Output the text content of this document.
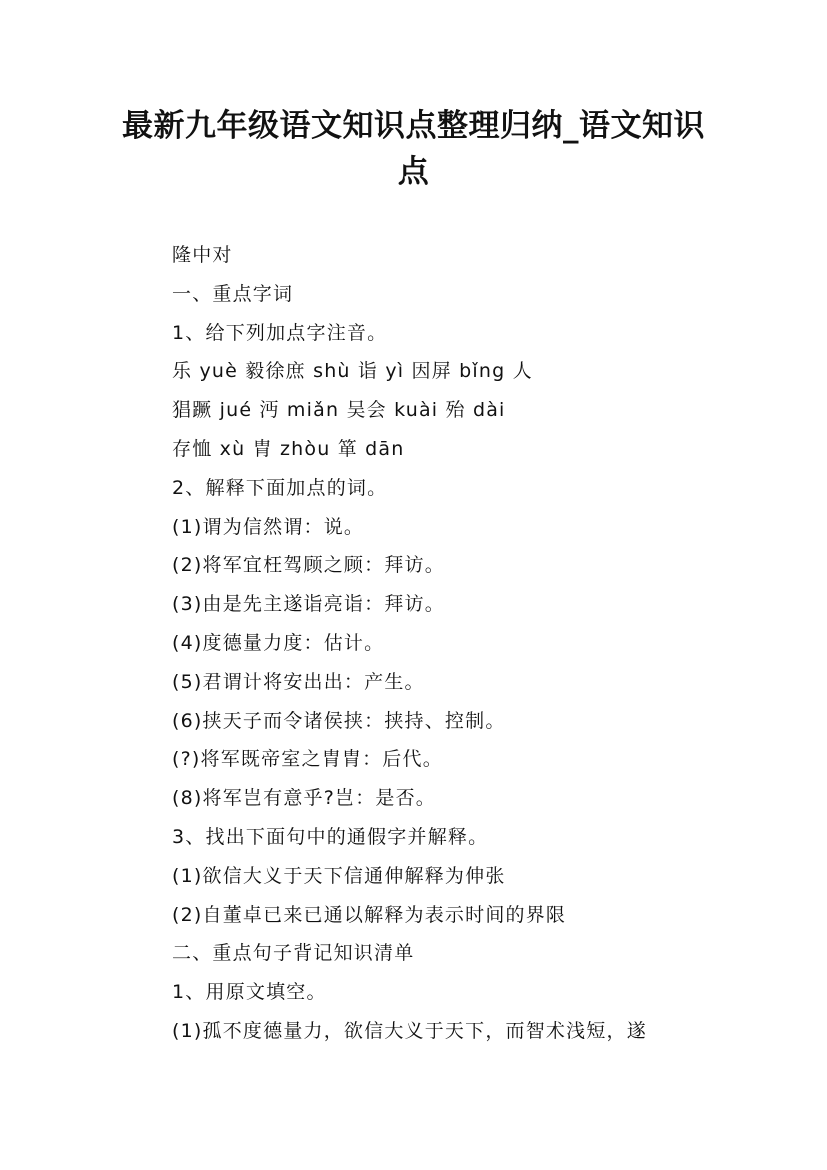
最新九年级语文知识点整理归纳_语文知识点
隆中对
一、重点字词
1、给下列加点字注音。
乐 yuè 毅徐庶 shù 诣 yì 因屏 bǐng 人
猖蹶 jué 沔 miǎn 吴会 kuài 殆 dài
存恤 xù 胄 zhòu 箪 dān
2、解释下面加点的词。
(1)谓为信然谓：说。
(2)将军宜枉驾顾之顾：拜访。
(3)由是先主遂诣亮诣：拜访。
(4)度德量力度：估计。
(5)君谓计将安出出：产生。
(6)挟天子而令诸侯挟：挟持、控制。
(?)将军既帝室之胄胄：后代。
(8)将军岂有意乎?岂：是否。
3、找出下面句中的通假字并解释。
(1)欲信大义于天下信通伸解释为伸张
(2)自董卓已来已通以解释为表示时间的界限
二、重点句子背记知识清单
1、用原文填空。
(1)孤不度德量力，欲信大义于天下，而智术浅短，遂
